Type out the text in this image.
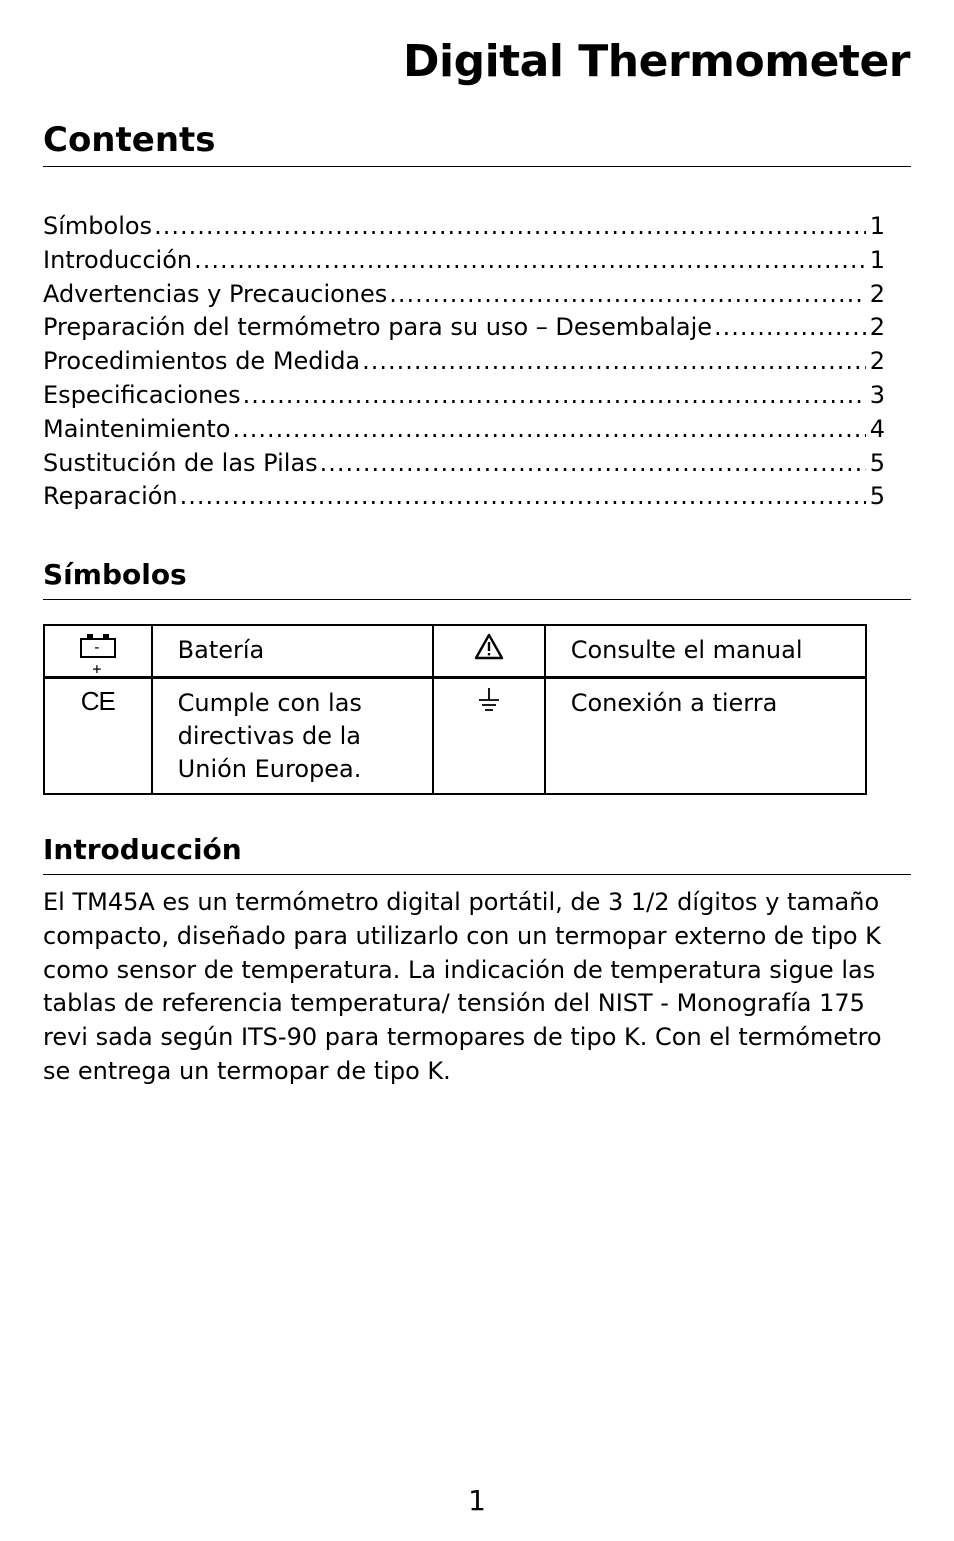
Digital Thermometer
Contents
Símbolos .....	1
Introducción .....	1
Advertencias y Precauciones .....	2
Preparación del termómetro para su uso – Desembalaje .....	2
Procedimientos de Medida .....	2
Especificaciones .....	3
Maintenimiento .....	4
Sustitución de las Pilas .....	5
Reparación .....	5
Símbolos
- +	Batería		Consulte el manual
CE	Cumple con las directivas de la Unión Europea.		Conexión a tierra
Introducción

El TM45A es un termómetro digital portátil, de 3 1/2 dígitos y tamaño compacto, diseñado para utilizarlo con un termopar externo de tipo K como sensor de temperatura. La indicación de temperatura sigue las tablas de referencia temperatura/ tensión del NIST - Monografía 175 revi sada según ITS-90 para termopares de tipo K. Con el termómetro se entrega un termopar de tipo K.

1
